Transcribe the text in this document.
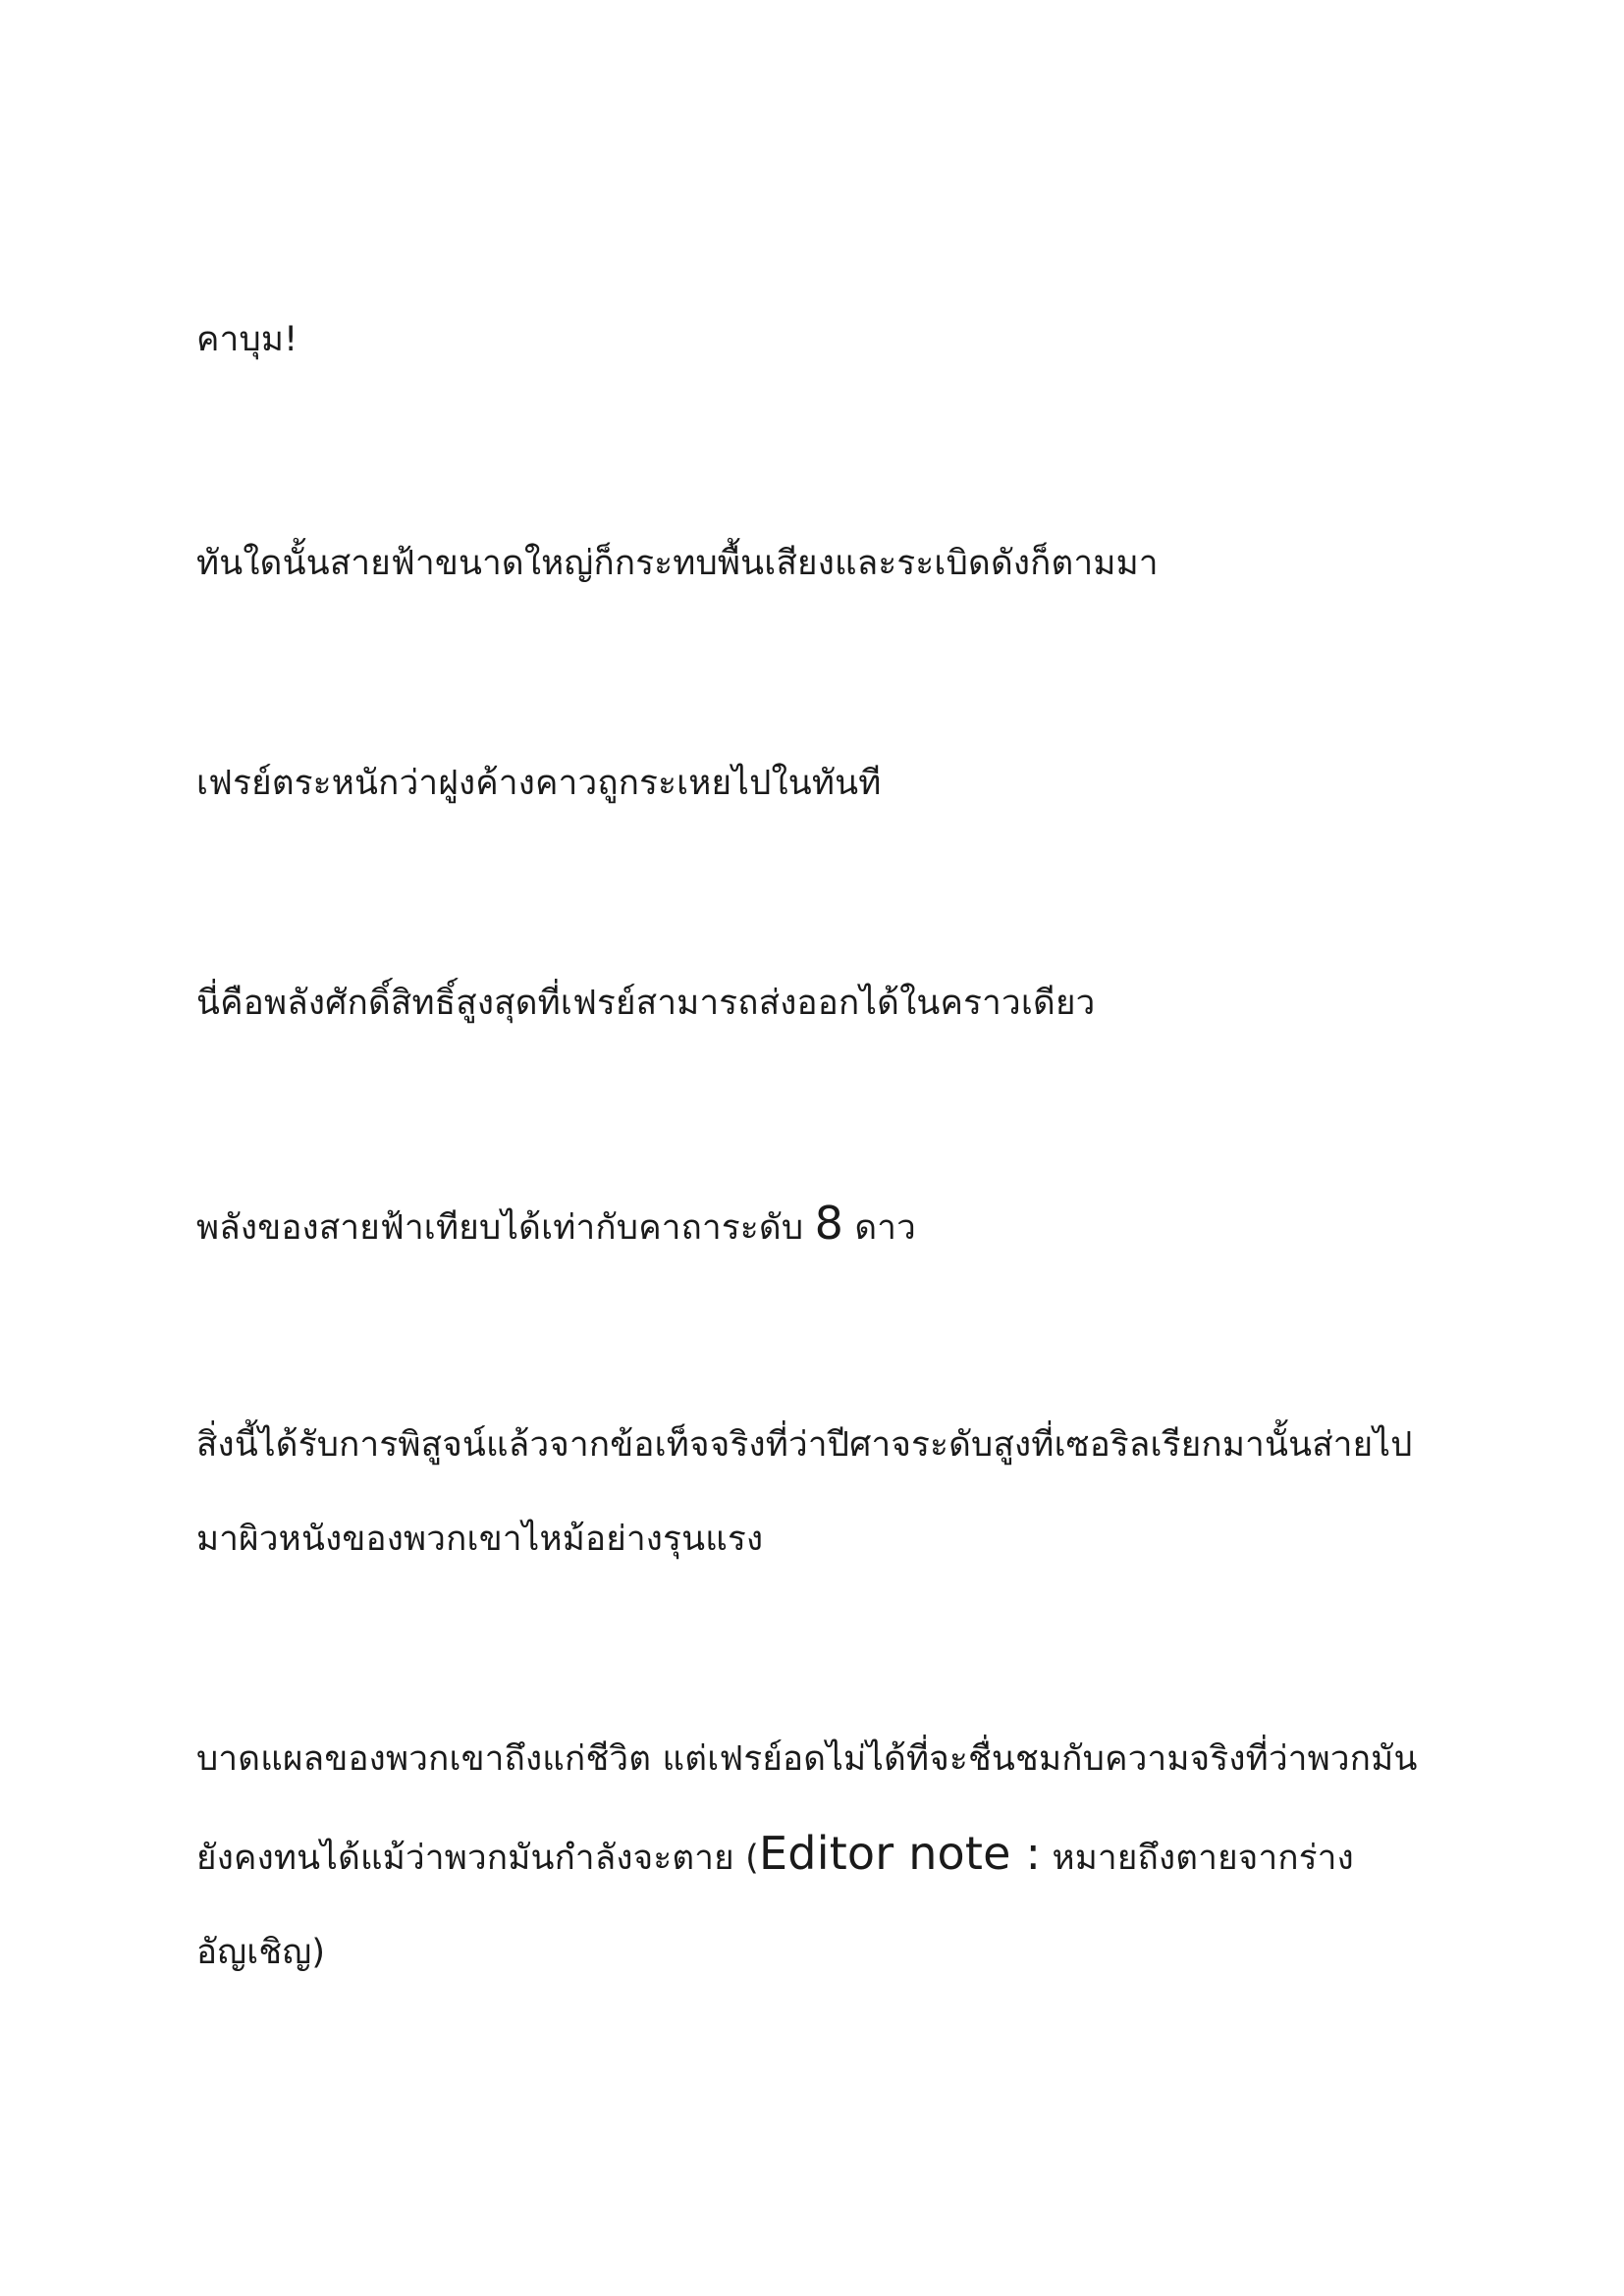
คาบุม!

ทันใดนั้นสายฟ้าขนาดใหญ่ก็กระทบพื้นเสียงและระเบิดดังก็ตามมา

เฟรย์ตระหนักว่าฝูงค้างคาวถูกระเหยไปในทันที

นี่คือพลังศักดิ์สิทธิ์สูงสุดที่เฟรย์สามารถส่งออกได้ในคราวเดียว

พลังของสายฟ้าเทียบได้เท่ากับคาถาระดับ 8 ดาว

สิ่งนี้ได้รับการพิสูจน์แล้วจากข้อเท็จจริงที่ว่าปีศาจระดับสูงที่เซอริลเรียกมานั้นส่ายไปมาผิวหนังของพวกเขาไหม้อย่างรุนแรง

บาดแผลของพวกเขาถึงแก่ชีวิต แต่เฟรย์อดไม่ได้ที่จะชื่นชมกับความจริงที่ว่าพวกมันยังคงทนได้แม้ว่าพวกมันกำลังจะตาย (Editor note : หมายถึงตายจากร่างอัญเชิญ)
